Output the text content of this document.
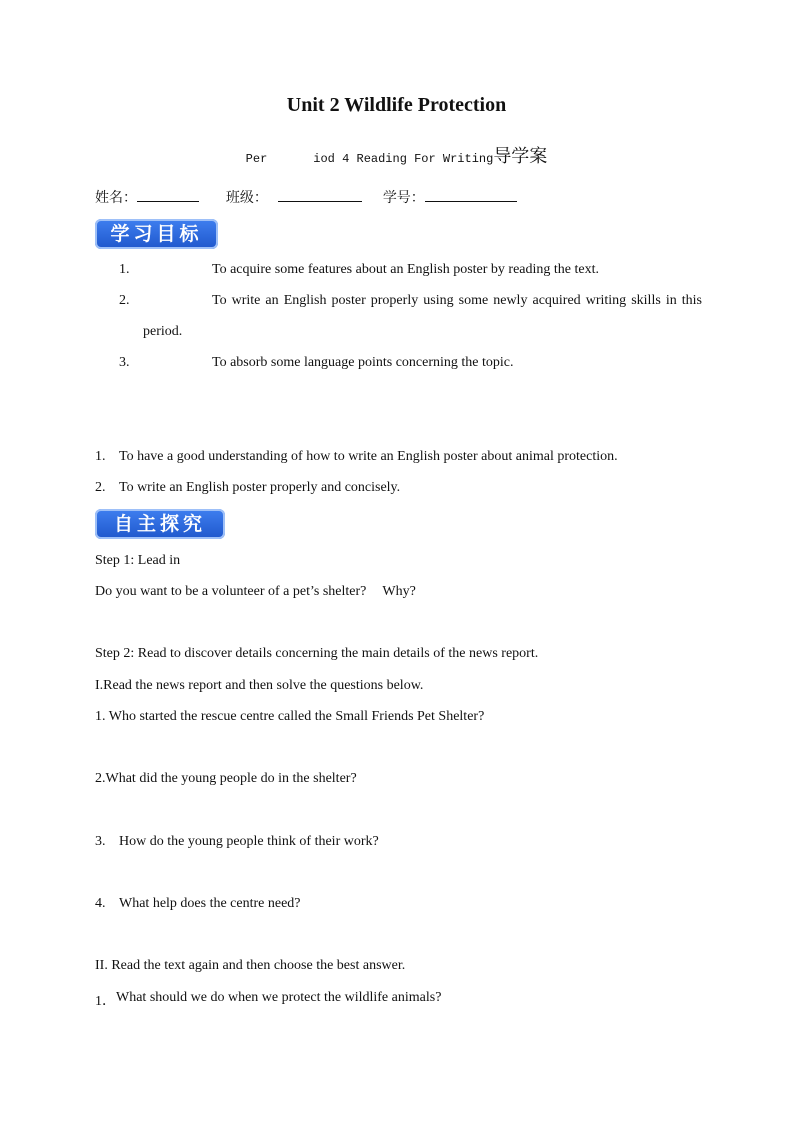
Unit 2 Wildlife Protection
Per	iod 4 Reading For Writing导学案
姓名：	班级：	学号：
学习目标
1.	To acquire some features about an English poster by reading the text.
2.	To write an English poster properly using some newly acquired writing skills in this
period.
3.	To absorb some language points concerning the topic.
1. To have a good understanding of how to write an English poster about animal protection.
2. To write an English poster properly and concisely.
自主探究
Step 1: Lead in
Do you want to be a volunteer of a pet’s shelter? Why?
Step 2: Read to discover details concerning the main details of the news report.
I.Read the news report and then solve the questions below.
1. Who started the rescue centre called the Small Friends Pet Shelter?
2.What did the young people do in the shelter?
3. How do the young people think of their work?
4. What help does the centre need?
II. Read the text again and then choose the best answer.
1． What should we do when we protect the wildlife animals?
